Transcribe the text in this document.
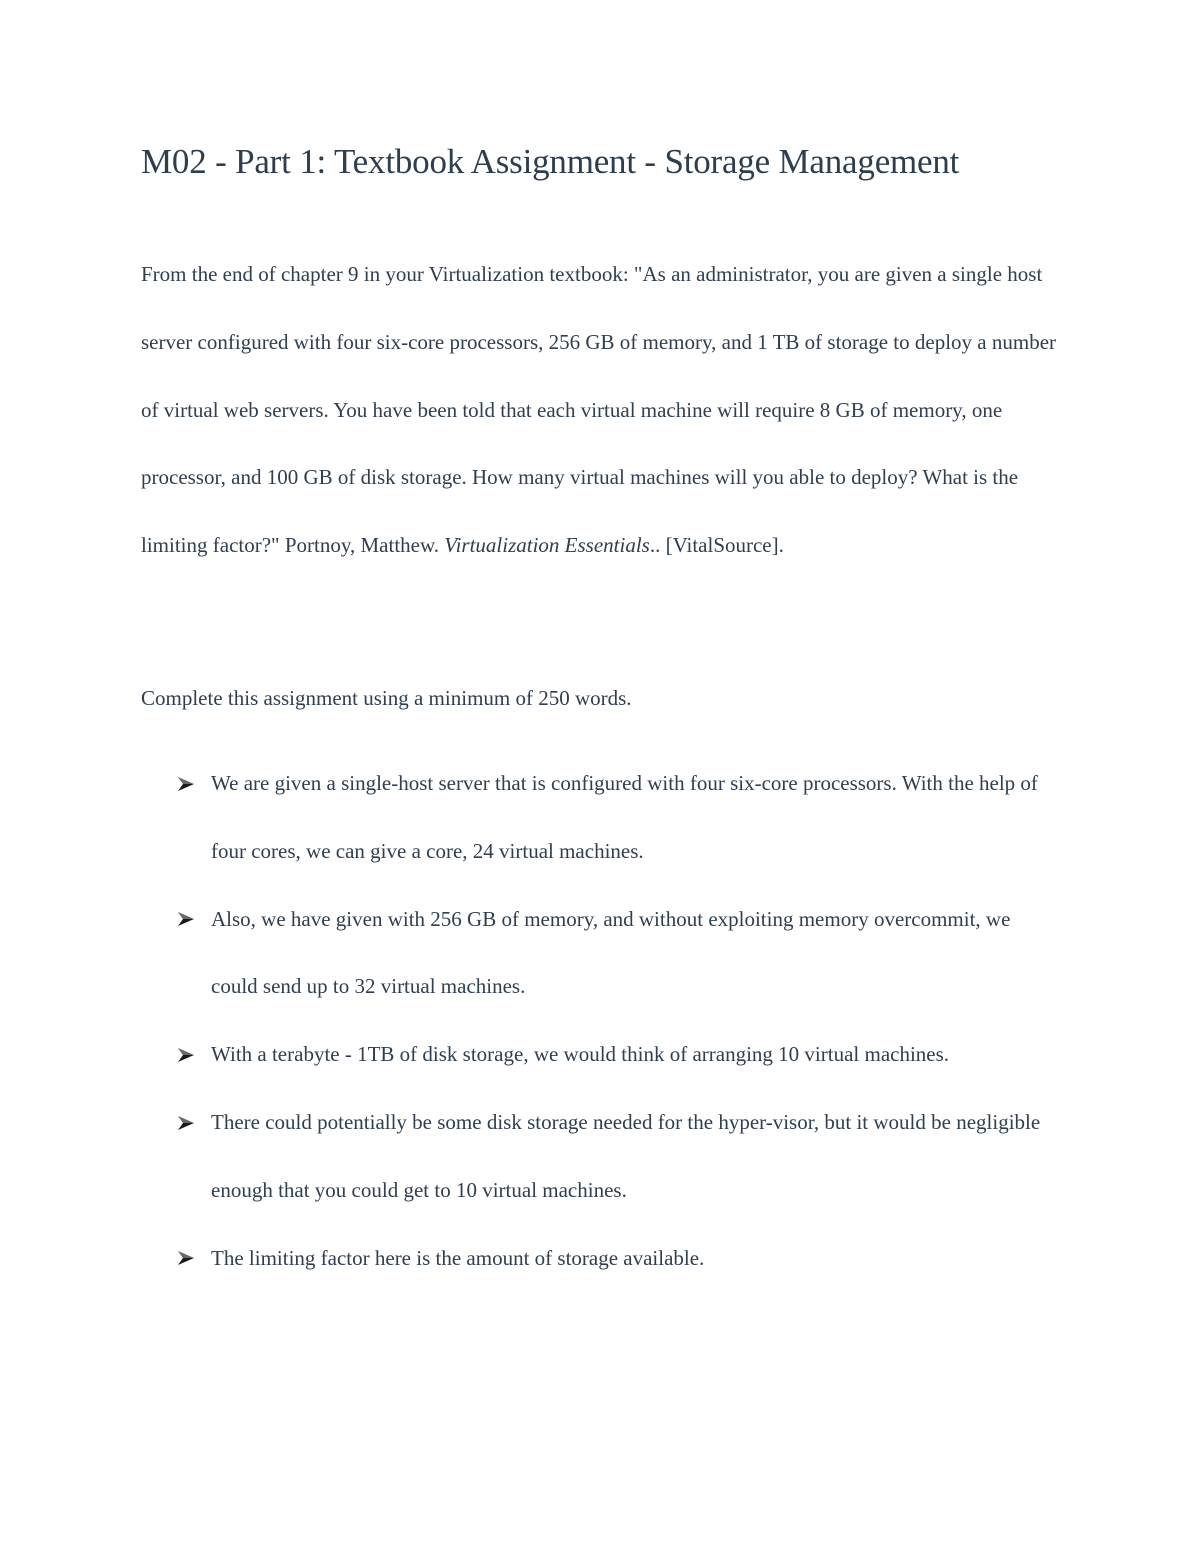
M02 - Part 1: Textbook Assignment - Storage Management

From the end of chapter 9 in your Virtualization textbook: "As an administrator, you are given a single host server configured with four six-core processors, 256 GB of memory, and 1 TB of storage to deploy a number of virtual web servers. You have been told that each virtual machine will require 8 GB of memory, one processor, and 100 GB of disk storage. How many virtual machines will you able to deploy? What is the limiting factor?" Portnoy, Matthew. Virtualization Essentials.. [VitalSource].

Complete this assignment using a minimum of 250 words.

We are given a single-host server that is configured with four six-core processors. With the help of four cores, we can give a core, 24 virtual machines.
Also, we have given with 256 GB of memory, and without exploiting memory overcommit, we could send up to 32 virtual machines.
With a terabyte - 1TB of disk storage, we would think of arranging 10 virtual machines.
There could potentially be some disk storage needed for the hyper-visor, but it would be negligible enough that you could get to 10 virtual machines.
The limiting factor here is the amount of storage available.
